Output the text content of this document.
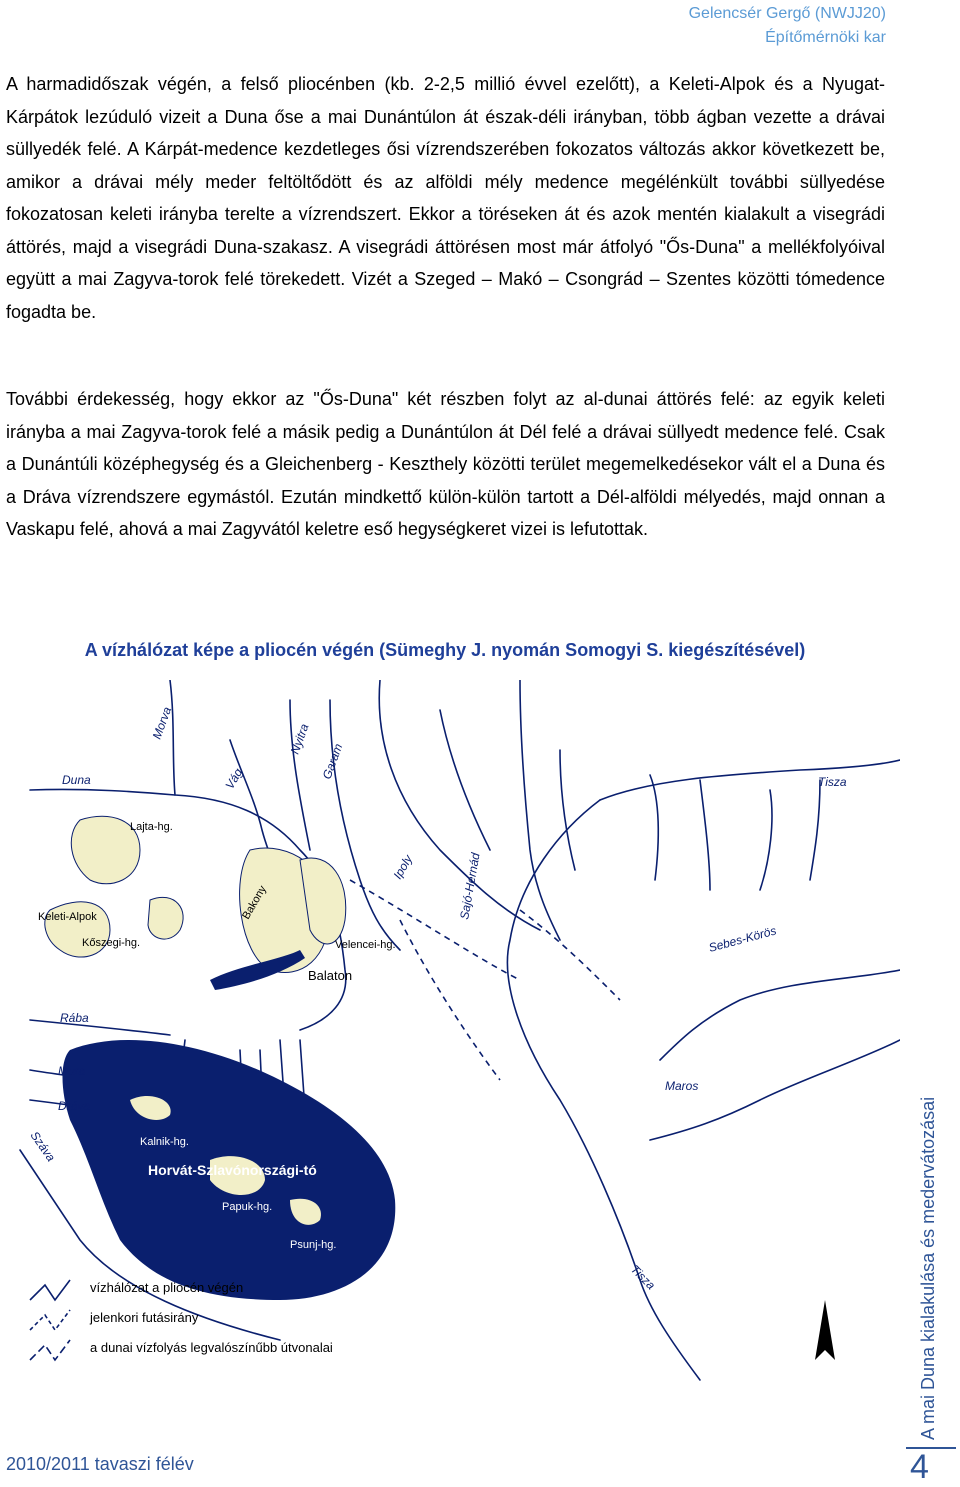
Gelencsér Gergő (NWJJ20)
Építőmérnöki kar
A harmadidőszak végén, a felső pliocénben (kb. 2-2,5 millió évvel ezelőtt), a Keleti-Alpok és a Nyugat-Kárpátok lezúduló vizeit a Duna őse a mai Dunántúlon át észak-déli irányban, több ágban vezette a drávai süllyedék felé. A Kárpát-medence kezdetleges ősi vízrendszerében fokozatos változás akkor következett be, amikor a drávai mély meder feltöltődött és az alföldi mély medence megélénkült további süllyedése fokozatosan keleti irányba terelte a vízrendszert. Ekkor a töréseken át és azok mentén kialakult a visegrádi áttörés, majd a visegrádi Duna-szakasz. A visegrádi áttörésen most már átfolyó "Ős-Duna" a mellékfolyóival együtt a mai Zagyva-torok felé törekedett. Vizét a Szeged – Makó – Csongrád – Szentes közötti tómedence fogadta be.
További érdekesség, hogy ekkor az "Ős-Duna" két részben folyt az al-dunai áttörés felé: az egyik keleti irányba a mai Zagyva-torok felé a másik pedig a Dunántúlon át Dél felé a drávai süllyedt medence felé. Csak a Dunántúli középhegység és a Gleichenberg - Keszthely közötti terület megemelkedésekor vált el a Duna és a Dráva vízrendszere egymástól. Ezután mindkettő külön-külön tartott a Dél-alföldi mélyedés, majd onnan a Vaskapu felé, ahová a mai Zagyvától keletre eső hegységkeret vizei is lefutottak.
A vízhálózat képe a pliocén végén (Sümeghy J. nyomán Somogyi S. kiegészítésével)
Morva	Nyitra
Garam
Vág
Duna	Tisza
Ipoly	Sajó-Hernád
Sebes-Körös
Rába
Mura
Dráva
Maros
Száva
Tisza
Lajta-hg.
Keleti-Alpok
Kőszegi-hg.
Bakony
Velencei-hg.
Balaton
Kalnik-hg.
Horvát-Szlavónországi-tó
Papuk-hg.
Psunj-hg.
vízhálózat a pliocén végén
jelenkori futásirány
a dunai vízfolyás legvalószínűbb útvonalai
2010/2011 tavaszi félév
A mai Duna kialakulása és medervátozásai
4
